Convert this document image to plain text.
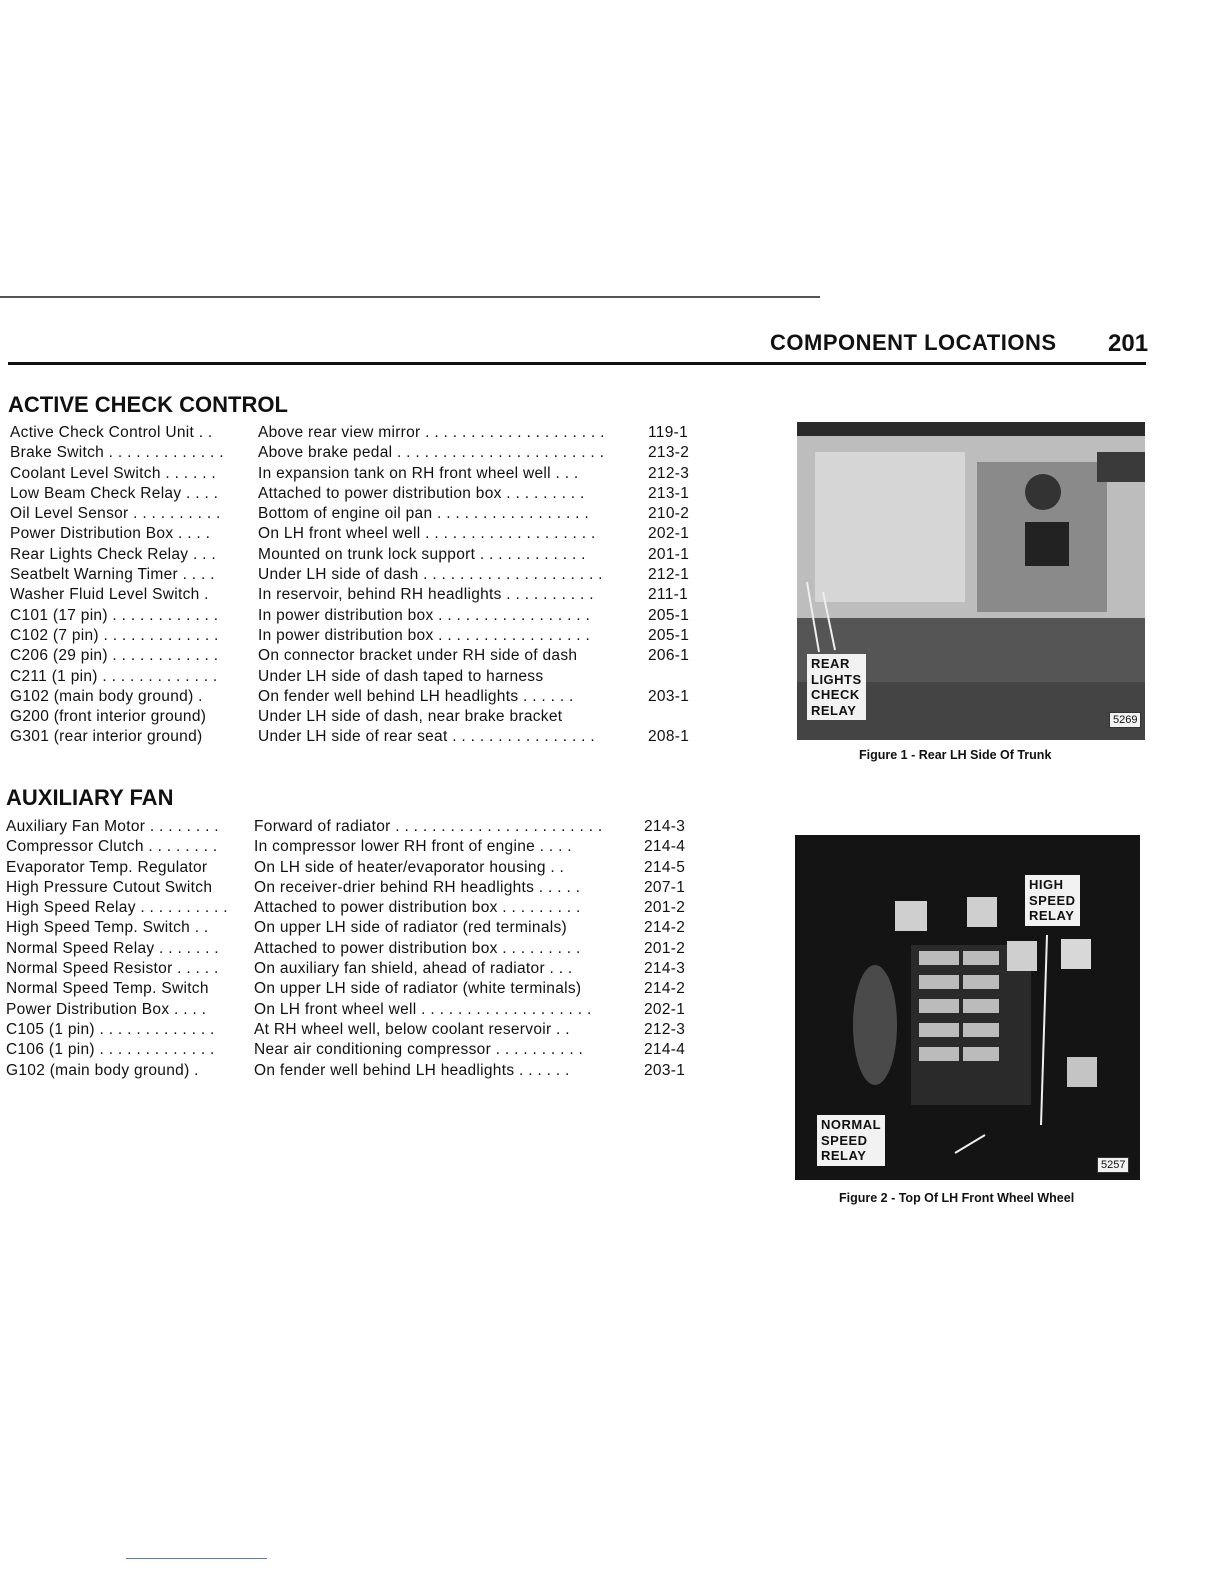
COMPONENT LOCATIONS 201
ACTIVE CHECK CONTROL
Active Check Control Unit . .	Above rear view mirror . . . . . . . . . . . . . . . . . . . .	119-1
Brake Switch . . . . . . . . . . . . .	Above brake pedal . . . . . . . . . . . . . . . . . . . . . . .	213-2
Coolant Level Switch . . . . . .	In expansion tank on RH front wheel well . . .	212-3
Low Beam Check Relay . . . .	Attached to power distribution box . . . . . . . . .	213-1
Oil Level Sensor . . . . . . . . . .	Bottom of engine oil pan . . . . . . . . . . . . . . . . .	210-2
Power Distribution Box . . . .	On LH front wheel well . . . . . . . . . . . . . . . . . . .	202-1
Rear Lights Check Relay . . .	Mounted on trunk lock support . . . . . . . . . . . .	201-1
Seatbelt Warning Timer . . . .	Under LH side of dash . . . . . . . . . . . . . . . . . . . .	212-1
Washer Fluid Level Switch .	In reservoir, behind RH headlights . . . . . . . . . .	211-1
C101 (17 pin) . . . . . . . . . . . .	In power distribution box . . . . . . . . . . . . . . . . .	205-1
C102 (7 pin) . . . . . . . . . . . . .	In power distribution box . . . . . . . . . . . . . . . . .	205-1
C206 (29 pin) . . . . . . . . . . . .	On connector bracket under RH side of dash	206-1
C211 (1 pin) . . . . . . . . . . . . .	Under LH side of dash taped to harness
G102 (main body ground) .	On fender well behind LH headlights . . . . . .	203-1
G200 (front interior ground)	Under LH side of dash, near brake bracket
G301 (rear interior ground)	Under LH side of rear seat . . . . . . . . . . . . . . . .	208-1
AUXILIARY FAN
Auxiliary Fan Motor . . . . . . . .	Forward of radiator . . . . . . . . . . . . . . . . . . . . . . .	214-3
Compressor Clutch . . . . . . . .	In compressor lower RH front of engine . . . .	214-4
Evaporator Temp. Regulator	On LH side of heater/evaporator housing . .	214-5
High Pressure Cutout Switch	On receiver-drier behind RH headlights . . . . .	207-1
High Speed Relay . . . . . . . . . .	Attached to power distribution box . . . . . . . . .	201-2
High Speed Temp. Switch . .	On upper LH side of radiator (red terminals)	214-2
Normal Speed Relay . . . . . . .	Attached to power distribution box . . . . . . . . .	201-2
Normal Speed Resistor . . . . .	On auxiliary fan shield, ahead of radiator . . .	214-3
Normal Speed Temp. Switch	On upper LH side of radiator (white terminals)	214-2
Power Distribution Box . . . .	On LH front wheel well . . . . . . . . . . . . . . . . . . .	202-1
C105 (1 pin) . . . . . . . . . . . . .	At RH wheel well, below coolant reservoir . .	212-3
C106 (1 pin) . . . . . . . . . . . . .	Near air conditioning compressor . . . . . . . . . .	214-4
G102 (main body ground) .	On fender well behind LH headlights . . . . . .	203-1
REAR
LIGHTS
CHECK
RELAY
5269
Figure 1 - Rear LH Side Of Trunk
HIGH
SPEED
RELAY
NORMAL
SPEED
RELAY
5257
Figure 2 - Top Of LH Front Wheel Wheel
